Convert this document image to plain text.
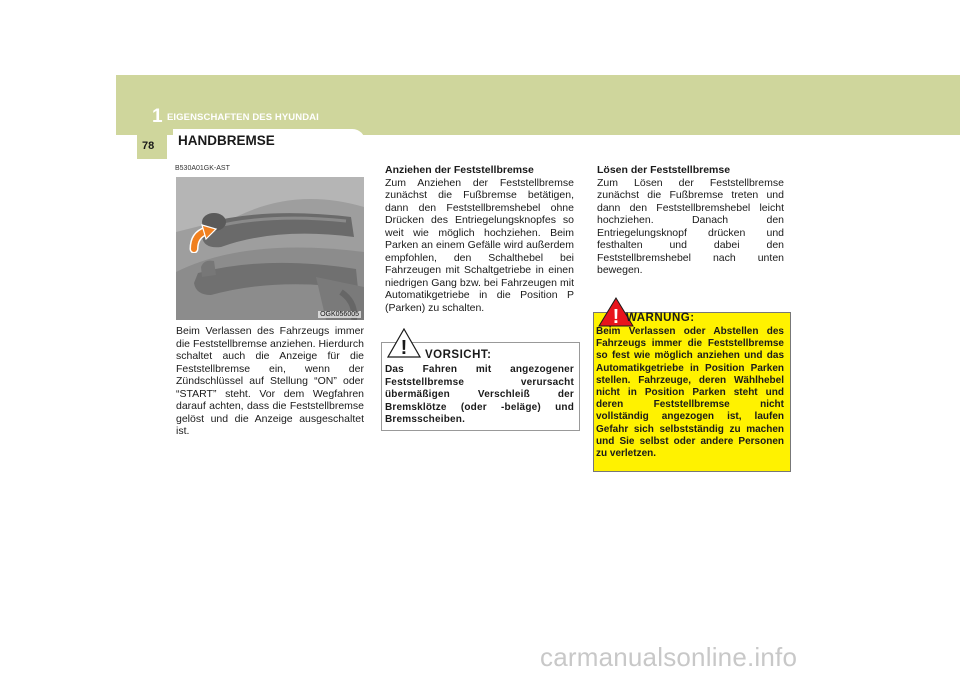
1 EIGENSCHAFTEN DES HYUNDAI
78 HANDBREMSE
B530A01GK-AST
OGK056005
Beim Verlassen des Fahrzeugs immer die Feststellbremse anziehen. Hierdurch schaltet auch die Anzeige für die Feststellbremse ein, wenn der Zündschlüssel auf Stellung “ON” oder “START” steht. Vor dem Wegfahren darauf achten, dass die Feststellbremse gelöst und die Anzeige ausgeschaltet ist.
Anziehen der Feststellbremse
Zum Anziehen der Feststellbremse zunächst die Fußbremse betätigen, dann den Feststellbremshebel ohne Drücken des Entriegelungsknopfes so weit wie möglich hochziehen. Beim Parken an einem Gefälle wird außerdem empfohlen, den Schalthebel bei Fahrzeugen mit Schaltgetriebe in einen niedrigen Gang bzw. bei Fahrzeugen mit Automatikgetriebe in die Position P (Parken) zu schalten.
! VORSICHT:
Das Fahren mit angezogener Feststellbremse verursacht übermäßigen Verschleiß der Bremsklötze (oder -beläge) und Bremsscheiben.
Lösen der Feststellbremse
Zum Lösen der Feststellbremse zunächst die Fußbremse treten und dann den Feststellbremshebel leicht hochziehen. Danach den Entriegelungsknopf drücken und festhalten und dabei den Feststellbremshebel nach unten bewegen.
! WARNUNG:
Beim Verlassen oder Abstellen des Fahrzeugs immer die Feststellbremse so fest wie möglich anziehen und das Automatikgetriebe in Position Parken stellen. Fahrzeuge, deren Wählhebel nicht in Position Parken steht und deren Feststellbremse nicht vollständig angezogen ist, laufen Gefahr sich selbstständig zu machen und Sie selbst oder andere Personen zu verletzen.
carmanualsonline.info
